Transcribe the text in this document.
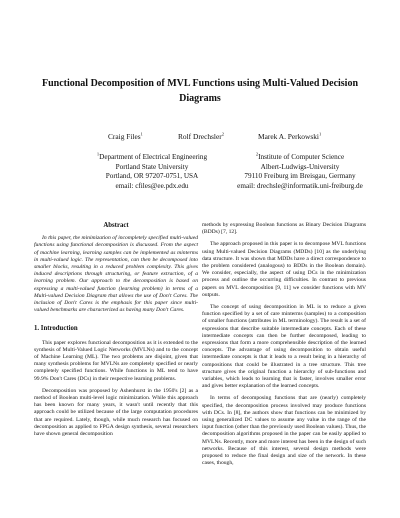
Functional Decomposition of MVL Functions using Multi-Valued Decision
Diagrams
Craig Files$^1$	Rolf Drechsler$^2$	Marek A. Perkowski$^1$
$^1$Department of Electrical Engineering
Portland State University
Portland, OR 97207-0751, USA
email: cfiles@ee.pdx.edu
$^2$Institute of Computer Science
Albert-Ludwigs-University
79110 Freiburg im Breisgau, Germany
email: drechsle@informatik.uni-freiburg.de
Abstract

In this paper, the minimization of incompletely specified multi-valued functions using functional decomposition is discussed. From the aspect of machine learning, learning samples can be implemented as minterms in multi-valued logic. The representation, can then be decomposed into smaller blocks, resulting in a reduced problem complexity. This gives induced descriptions through structuring, or feature extraction, of a learning problem. Our approach to the decomposition is based on expressing a multi-valued function (learning problem) in terms of a Multi-valued Decision Diagram that allows the use of Don't Cares. The inclusion of Don't Cares is the emphasis for this paper since multi-valued benchmarks are characterized as having many Don't Cares.

1. Introduction

This paper explores functional decomposition as it is extended to the synthesis of Multi-Valued Logic Networks (MVLNs) and to the concept of Machine Learning (ML). The two problems are disjoint, given that many synthesis problems for MVLNs are completely specified or nearly completely specified functions. While functions in ML tend to have 99.9% Don't Cares (DCs) in their respective learning problems.

Decomposition was proposed by Ashenhurst in the 1950's [2] as a method of Boolean multi-level logic minimization. While this approach has been known for many years, it wasn't until recently that this approach could be utilized because of the large computation procedures that are required. Lately, though, while much research has focused on decomposition as applied to FPGA design synthesis, several researchers have shown general decomposition

methods by expressing Boolean functions as Binary Decision Diagrams (BDDs) [7, 12].

The approach proposed in this paper is to decompose MVL functions using Multi-valued Decision Diagrams (MDDs) [10] as the underlying data structure. It was shown that MDDs have a direct correspondence to the problem considered (analogous) to BDDs in the Boolean domain). We consider, especially, the aspect of using DCs in the minimization process and outline the occurring difficulties. In contrast to previous papers on MVL decomposition [9, 11] we consider functions with MV outputs.

The concept of using decomposition in ML is to reduce a given function specified by a set of care minterms (samples) to a composition of smaller functions (attributes in ML terminology). The result is a set of expressions that describe suitable intermediate concepts. Each of these intermediate concepts can then be further decomposed, leading to expressions that form a more comprehensible description of the learned concepts. The advantage of using decomposition to obtain useful intermediate concepts is that it leads to a result being in a hierarchy of compositions that could be illustrated in a tree structure. This tree structure gives the original function a hierarchy of sub-functions and variables, which leads to learning that is faster, involves smaller error and gives better explanation of the learned concepts.

In terms of decomposing functions that are (nearly) completely specified, the decomposition process involved may produce functions with DCs. In [8], the authors show that functions can be minimized by using generalized DC values to assume any value in the range of the input function (other than the previously used Boolean values). Thus, the decomposition algorithms proposed in the paper can be easily applied to MVLNs. Recently, more and more interest has been in the design of such networks. Because of this interest, several design methods were proposed to reduce the final design and size of the network. In these cases, though,
